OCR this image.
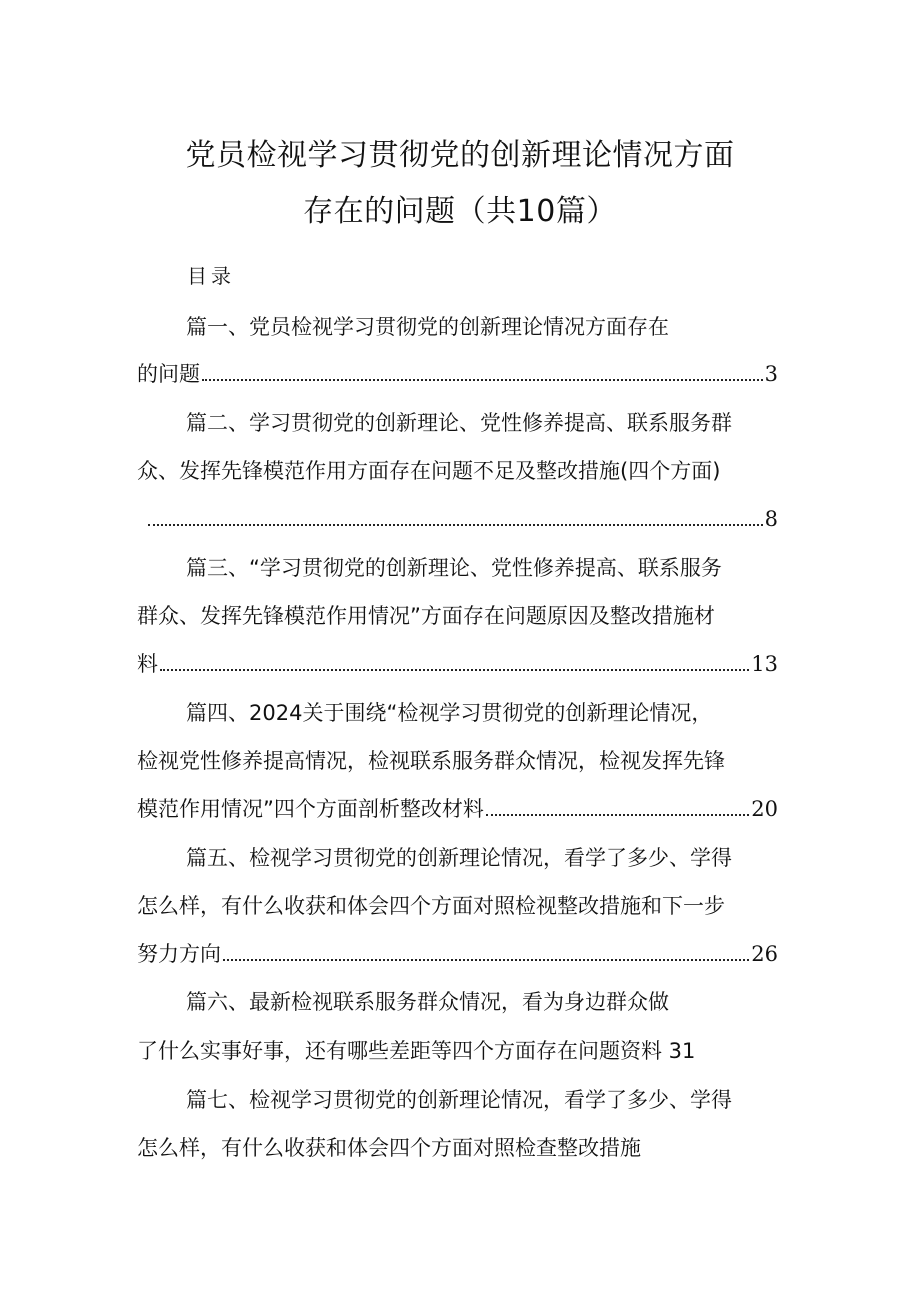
党员检视学习贯彻党的创新理论情况方面
存在的问题（共10篇）
目录
篇一、党员检视学习贯彻党的创新理论情况方面存在
的问题	3
篇二、学习贯彻党的创新理论、党性修养提高、联系服务群
众、发挥先锋模范作用方面存在问题不足及整改措施(四个方面)
8
篇三、“学习贯彻党的创新理论、党性修养提高、联系服务
群众、发挥先锋模范作用情况”方面存在问题原因及整改措施材
料	13
篇四、2024关于围绕“检视学习贯彻党的创新理论情况，
检视党性修养提高情况，检视联系服务群众情况，检视发挥先锋
模范作用情况”四个方面剖析整改材料	20
篇五、检视学习贯彻党的创新理论情况，看学了多少、学得
怎么样，有什么收获和体会四个方面对照检视整改措施和下一步
努力方向	26
篇六、最新检视联系服务群众情况，看为身边群众做
了什么实事好事，还有哪些差距等四个方面存在问题资料 31
篇七、检视学习贯彻党的创新理论情况，看学了多少、学得
怎么样，有什么收获和体会四个方面对照检查整改措施
